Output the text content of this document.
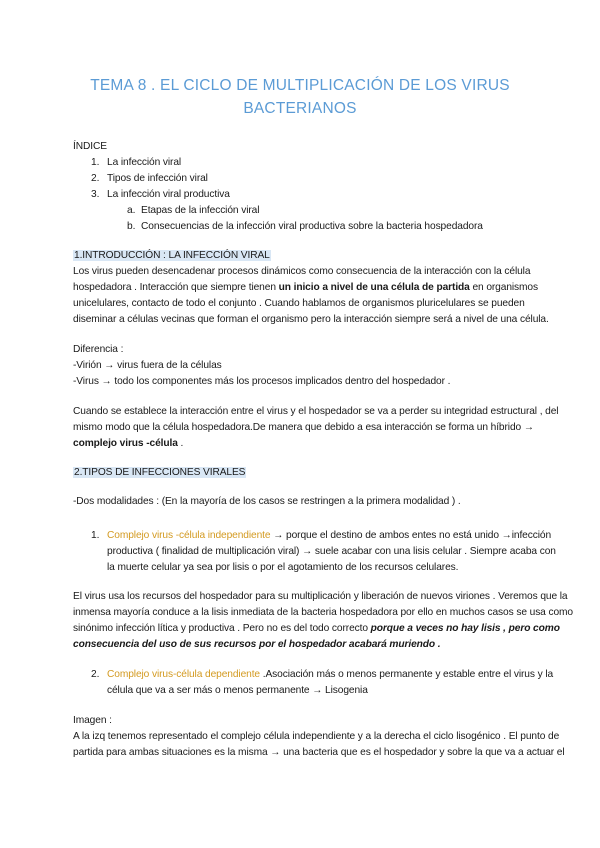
TEMA 8 . EL CICLO DE MULTIPLICACIÓN DE LOS VIRUS
BACTERIANOS
ÍNDICE
1. La infección viral
2. Tipos de infección viral
3. La infección viral productiva
a. Etapas de la infección viral
b. Consecuencias de la infección viral productiva sobre la bacteria hospedadora
1.INTRODUCCIÓN : LA INFECCIÓN VIRAL
Los virus pueden desencadenar procesos dinámicos como consecuencia de la interacción con la célula
hospedadora . Interacción que siempre tienen un inicio a nivel de una célula de partida en organismos
unicelulares, contacto de todo el conjunto . Cuando hablamos de organismos pluricelulares se pueden
diseminar a células vecinas que forman el organismo pero la interacción siempre será a nivel de una célula.
Diferencia :
-Virión → virus fuera de la células
-Virus → todo los componentes más los procesos implicados dentro del hospedador .
Cuando se establece la interacción entre el virus y el hospedador se va a perder su integridad estructural , del
mismo modo que la célula hospedadora.De manera que debido a esa interacción se forma un híbrido →
complejo virus -célula .
2.TIPOS DE INFECCIONES VIRALES
-Dos modalidades : (En la mayoría de los casos se restringen a la primera modalidad ) .
1. Complejo virus -célula independiente → porque el destino de ambos entes no está unido →infección
productiva ( finalidad de multiplicación viral) → suele acabar con una lisis celular . Siempre acaba con
la muerte celular ya sea por lisis o por el agotamiento de los recursos celulares.
El virus usa los recursos del hospedador para su multiplicación y liberación de nuevos viriones . Veremos que la
inmensa mayoría conduce a la lisis inmediata de la bacteria hospedadora por ello en muchos casos se usa como
sinónimo infección lítica y productiva . Pero no es del todo correcto porque a veces no hay lisis , pero como
consecuencia del uso de sus recursos por el hospedador acabará muriendo .
2. Complejo virus-célula dependiente .Asociación más o menos permanente y estable entre el virus y la
célula que va a ser más o menos permanente → Lisogenia
Imagen :
A la izq tenemos representado el complejo célula independiente y a la derecha el ciclo lisogénico . El punto de
partida para ambas situaciones es la misma → una bacteria que es el hospedador y sobre la que va a actuar el
